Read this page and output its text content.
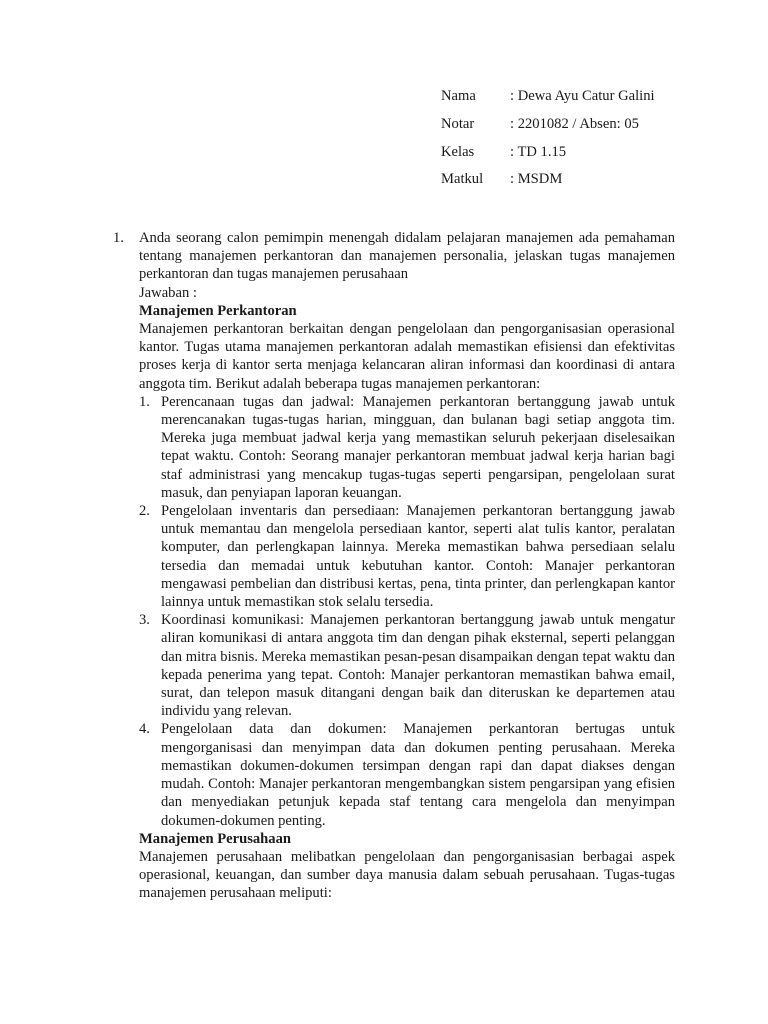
Nama : Dewa Ayu Catur Galini
Notar : 2201082 / Absen: 05
Kelas : TD 1.15
Matkul : MSDM
1.	Anda seorang calon pemimpin menengah didalam pelajaran manajemen ada pemahaman tentang manajemen perkantoran dan manajemen personalia, jelaskan tugas manajemen perkantoran dan tugas manajemen perusahaan

Jawaban :

Manajemen Perkantoran

Manajemen perkantoran berkaitan dengan pengelolaan dan pengorganisasian operasional kantor. Tugas utama manajemen perkantoran adalah memastikan efisiensi dan efektivitas proses kerja di kantor serta menjaga kelancaran aliran informasi dan koordinasi di antara anggota tim. Berikut adalah beberapa tugas manajemen perkantoran:

1. Perencanaan tugas dan jadwal: Manajemen perkantoran bertanggung jawab untuk merencanakan tugas-tugas harian, mingguan, dan bulanan bagi setiap anggota tim. Mereka juga membuat jadwal kerja yang memastikan seluruh pekerjaan diselesaikan tepat waktu. Contoh: Seorang manajer perkantoran membuat jadwal kerja harian bagi staf administrasi yang mencakup tugas-tugas seperti pengarsipan, pengelolaan surat masuk, dan penyiapan laporan keuangan.

2. Pengelolaan inventaris dan persediaan: Manajemen perkantoran bertanggung jawab untuk memantau dan mengelola persediaan kantor, seperti alat tulis kantor, peralatan komputer, dan perlengkapan lainnya. Mereka memastikan bahwa persediaan selalu tersedia dan memadai untuk kebutuhan kantor. Contoh: Manajer perkantoran mengawasi pembelian dan distribusi kertas, pena, tinta printer, dan perlengkapan kantor lainnya untuk memastikan stok selalu tersedia.

3. Koordinasi komunikasi: Manajemen perkantoran bertanggung jawab untuk mengatur aliran komunikasi di antara anggota tim dan dengan pihak eksternal, seperti pelanggan dan mitra bisnis. Mereka memastikan pesan-pesan disampaikan dengan tepat waktu dan kepada penerima yang tepat. Contoh: Manajer perkantoran memastikan bahwa email, surat, dan telepon masuk ditangani dengan baik dan diteruskan ke departemen atau individu yang relevan.

4. Pengelolaan data dan dokumen: Manajemen perkantoran bertugas untuk mengorganisasi dan menyimpan data dan dokumen penting perusahaan. Mereka memastikan dokumen-dokumen tersimpan dengan rapi dan dapat diakses dengan mudah. Contoh: Manajer perkantoran mengembangkan sistem pengarsipan yang efisien dan menyediakan petunjuk kepada staf tentang cara mengelola dan menyimpan dokumen-dokumen penting.

Manajemen Perusahaan

Manajemen perusahaan melibatkan pengelolaan dan pengorganisasian berbagai aspek operasional, keuangan, dan sumber daya manusia dalam sebuah perusahaan. Tugas-tugas manajemen perusahaan meliputi:
